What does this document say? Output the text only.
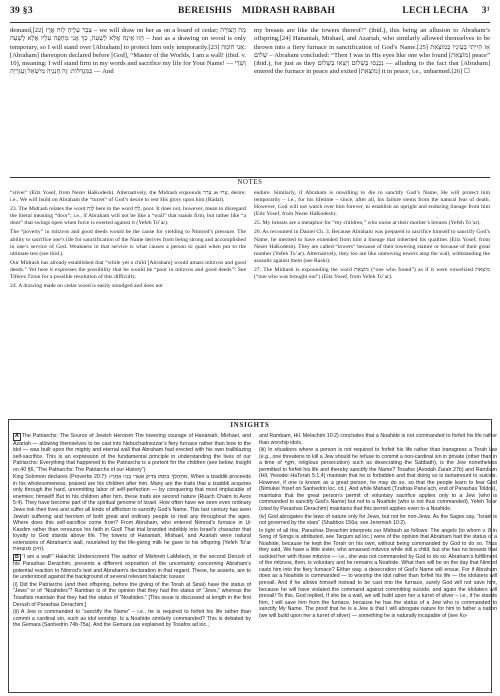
39 §3	BEREISHIS MIDRASH RABBAH	LECH LECHA 3¹

demand,[22] צָבַר עָלֶיהָ לֵוח אֶרֶז – we will draw on her as on a board of cedar; מָה הַצּוּרָה הַזוּ אֵינָהּ אֶלָּא לְשָׁעָה, כָּךְ אֲנִי מְחַפֶּה עָלָיו אֶלָּא לְשָׁעָה – Just as a drawing on wood is only temporary, so I will stand over [Abraham] to protect him only temporarily.[23] אֲנִי חוֹמָה: [Abraham] thereupon declared before [God], “Master of the Worlds, I am a wall! (ibid. v. 10), meaning: I will stand firm in my words and sacrifice my life for Your Name! — וְשָׁדַי כַּמִּגְדָּלוֹת: זֶה חֲנַנְיָה מִישָׁאֵל וַעֲזַרְיָה — And

my breasts are like the towers thereof!” (ibid.), this being an allusion to Abraham’s offspring,[24] Hananiah, Mishael, and Azariah, who similarly allowed themselves to be thrown into a fiery furnace in sanctification of God’s Name.[25] אָז הָיִיתִי בְּעֵינָיו כְּמוֹצְאֵת שָׁלוֹם – Abraham concluded: “Then I was in His eyes like one who found [מוֹצְאֵת] peace” (ibid.), for just as they נִכְנָסוּ בְּשָׁלוֹם וְיָצְאוּ בְּשָׁלוֹם — alluding to the fact that [Abraham] entered the furnace in peace and exited [מוֹצְאֵת] it in peace, i.e., unharmed.[26] ☐

NOTES

“silver” (Eitz Yosef, from Nezer HaKodesh). Alternatively, the Midrash expounds צְרַר as צְרוּ, desire; i.e., We will build on Abraham the “turret” of God’s desire to rest His glory upon him (Radal).

23. The Midrash relates the word לֶוַח here to the word לֵחַ, poor. It does not, however, mean to disregard the literal meaning “door”; i.e., if Abraham will not be like a “wall” that stands firm, but rather like “a door” that swings open when force is exerted against it (Yefeh To’ar).

The “poverty” in mitzvos and good deeds would be the cause for yielding to Nimrod’s pressure. The ability to sacrifice one’s life for sanctification of the Name derives from being strong and accomplished in one’s service of God. Weakness in that service is what causes a person to quail when put to the ultimate test (see ibid.).

Our Midrash has already established that “while yet a child [Abraham] would amass mitzvos and good deeds.” Yet here it expresses the possibility that he would be “poor in mitzvos and good deeds”! See Tiferes Tzion for a possible resolution of this difficulty.

24. A drawing made on cedar wood is easily smudged and does not

endure. Similarly, if Abraham is unwilling to die to sanctify God’s Name, He will protect him temporarily – i.e., for his lifetime – since, after all, his failure stems from the natural fear of death. However, God will not watch over him forever, to establish an upright and enduring lineage from him (Eitz Yosef, from Nezer HaKodesh).

25. My breasts are a metaphor for “my children,” who nurse at their mother’s breasts (Yefeh To’ar).

26. As recounted in Daniel Ch. 3. Because Abraham was prepared to sacrifice himself to sanctify God’s Name, he merited to have extended from him a lineage that inherited his qualities (Eitz Yosef, from Nezer HaKodesh). They are called “towers” because of their towering stature or because of their great number (Yefeh To’ar). Alternatively, they too are like unmoving towers atop the wall, withstanding the assaults against them (see Rashi).

27. The Midrash is expounding the word מוֹצְאֵת (“one who found”) as if it were vowelized מוֹצֵאת (“one who was brought out”) (Eitz Yosef, from Yefeh To’ar).

INSIGHTS

A The Patriarchs: The Source of Jewish Heroism The towering courage of Hananiah, Mishael, and Azariah — allowing themselves to be cast into Nebuchadnezzar’s fiery furnace rather than bow to the idol — was built upon the mighty and eternal wall that Abraham had erected with his own trailblazing self-sacrifice. This is an expression of the fundamental principle in understanding the lives of our Patriarchs: Everything that happened to the Patriarchs is a portent for the children (see below, Insight on 40 §6, “The Patriarchs: The Patriarchs of our History”).

King Solomon declares (Proverbs 20:7): מִתְהַלֵּךְ בְּתֻמּוֹ צַדִּיק אַשְׁרֵי בָנָיו אַחֲרָיו, When a tzaddik proceeds in his wholesomeness, praised are his children after him. Many are the traits that a tzaddik acquires only through the hard, unremitting labor of self-perfection — by conquering that most implacable of enemies: himself! But to his children after him, these traits are second nature (Ruach Chaim to Avos 5:4). They have become part of the spiritual genome of Israel. How often have we seen even ordinary Jews risk their lives and suffer all kinds of affliction to sanctify God’s Name. This last century has seen Jewish suffering and heroism of both great and ordinary people to rival any throughout the ages. Where does this self-sacrifice come from? From Abraham, who entered Nimrod’s furnace in Ur Kasdim rather than renounce his faith in God! That trial branded indelibly into Israel’s character that loyalty to God stands above life. The towers of Hananiah, Mishael, and Azariah were natural extensions of Abraham’s wall, nourished by the life-giving milk he gave to his offspring (Yefeh To’ar הֵיכֵן מְנוֹצְאוֹת).

B “I am a wall!” Halachic Underscorent The author of Mishneh LaMelech, in the second Derush of his Parashas Derachim, presents a different exposition of the uncertainty concerning Abraham’s potential reaction to Nimrod’s test and Abraham’s declaration in that regard. These, he asserts, are to be understood against the background of several relevant halachic issues:

(i) Did the Patriarchs (and their offspring, before the giving of the Torah at Sinai) have the status of “Jews” or of “Noahides”? Ramban is of the opinion that they had the status of “Jews,” whereas the Tosafists maintain that they had the status of “Noahides.” [This issue is discussed at length in the first Derush of Parashas Derachim.]

(ii) A Jew is commanded to “sanctify the Name” – i.e., he is required to forfeit his life rather than commit a cardinal sin, such as idol worship. Is a Noahide similarly commanded? This is debated by the Gemara (Sanhedrin 74b-75a). And the Gemara (as explained by Tosafos ad loc.,

and Rambam, Hil. Melachim 10:2) concludes that a Noahide is not commanded to forfeit his life rather than worship idols.

(iii) In situations where a person is not required to forfeit his life rather than transgress a Torah law (e.g., one threatens to kill a Jew should he refuse to commit a non-cardinal sin in private (other than in a time of תֹּקֶף, religious persecution) such as desecrating the Sabbath), is the Jew nonetheless permitted to forfeit his life and thereby sanctify the Name? Tosafos (Avodah Zarah 27b) and Rambam (Hil. Yesodei HaTorah 5:1,4) maintain that he is forbidden and that doing so is tantamount to suicide. However, if one is known as a great person, he may do so, so that the people learn to fear God (Nimukei Yosef on Sanhedrin loc. cit.). And while Maharit (Tzafnas Pane’ach, end of Parashas Toldos), maintains that the great person’s permit of voluntary sacrifice applies only to a Jew (who is commanded to sanctify God’s Name) but not to a Noahide (who is not thus commanded), Yefeh To’ar (cited by Parashas Derachim) maintains that this permit applies even to a Noahide.

(iv) God abrogates the laws of nature only for Jews, but not for non-Jews. As the Sages say, “Israel is not governed by the stars” (Shabbos 156a; see Jeremiah 10:2).

In light of all this, Parashas Derachim interprets our Midrash as follows: The angels (to whom v. 8 in Song of Songs is attributed, see Targum ad loc.) were of the opinion that Abraham had the status of a Noahide, because he kept the Torah on his own, without being commanded by God to do so. Thus they said, We have a little sister, who amassed mitzvos while still a child, but she has no breasts that suckled her with those mitzvos — i.e., she was not commanded by God to do so. Abraham’s fulfillment of the mitzvos, then, is voluntary and he remains a Noahide. What then will be on the day that Nimrod casts him into the fiery furnace? Either way, a desecration of God’s Name will ensue. For if Abraham does as a Noahide is commanded — to worship the idol rather than forfeit his life — the idolaters will prevail. And if he allows himself instead to be cast into the furnace, surely God will not save him, because he will have violated the command against committing suicide, and again the idolaters will prevail! To this, God replied, If she be a wall, we will build upon her a turret of silver – i.e., if he stands firm, I will save him from the furnace, because he has the status of a Jew who is commanded to sanctify My Name. The proof that he is a Jew is that I will abrogate nature for him to father a nation (we will build upon her a turret of silver) — something he is naturally incapable of (see Ko-
